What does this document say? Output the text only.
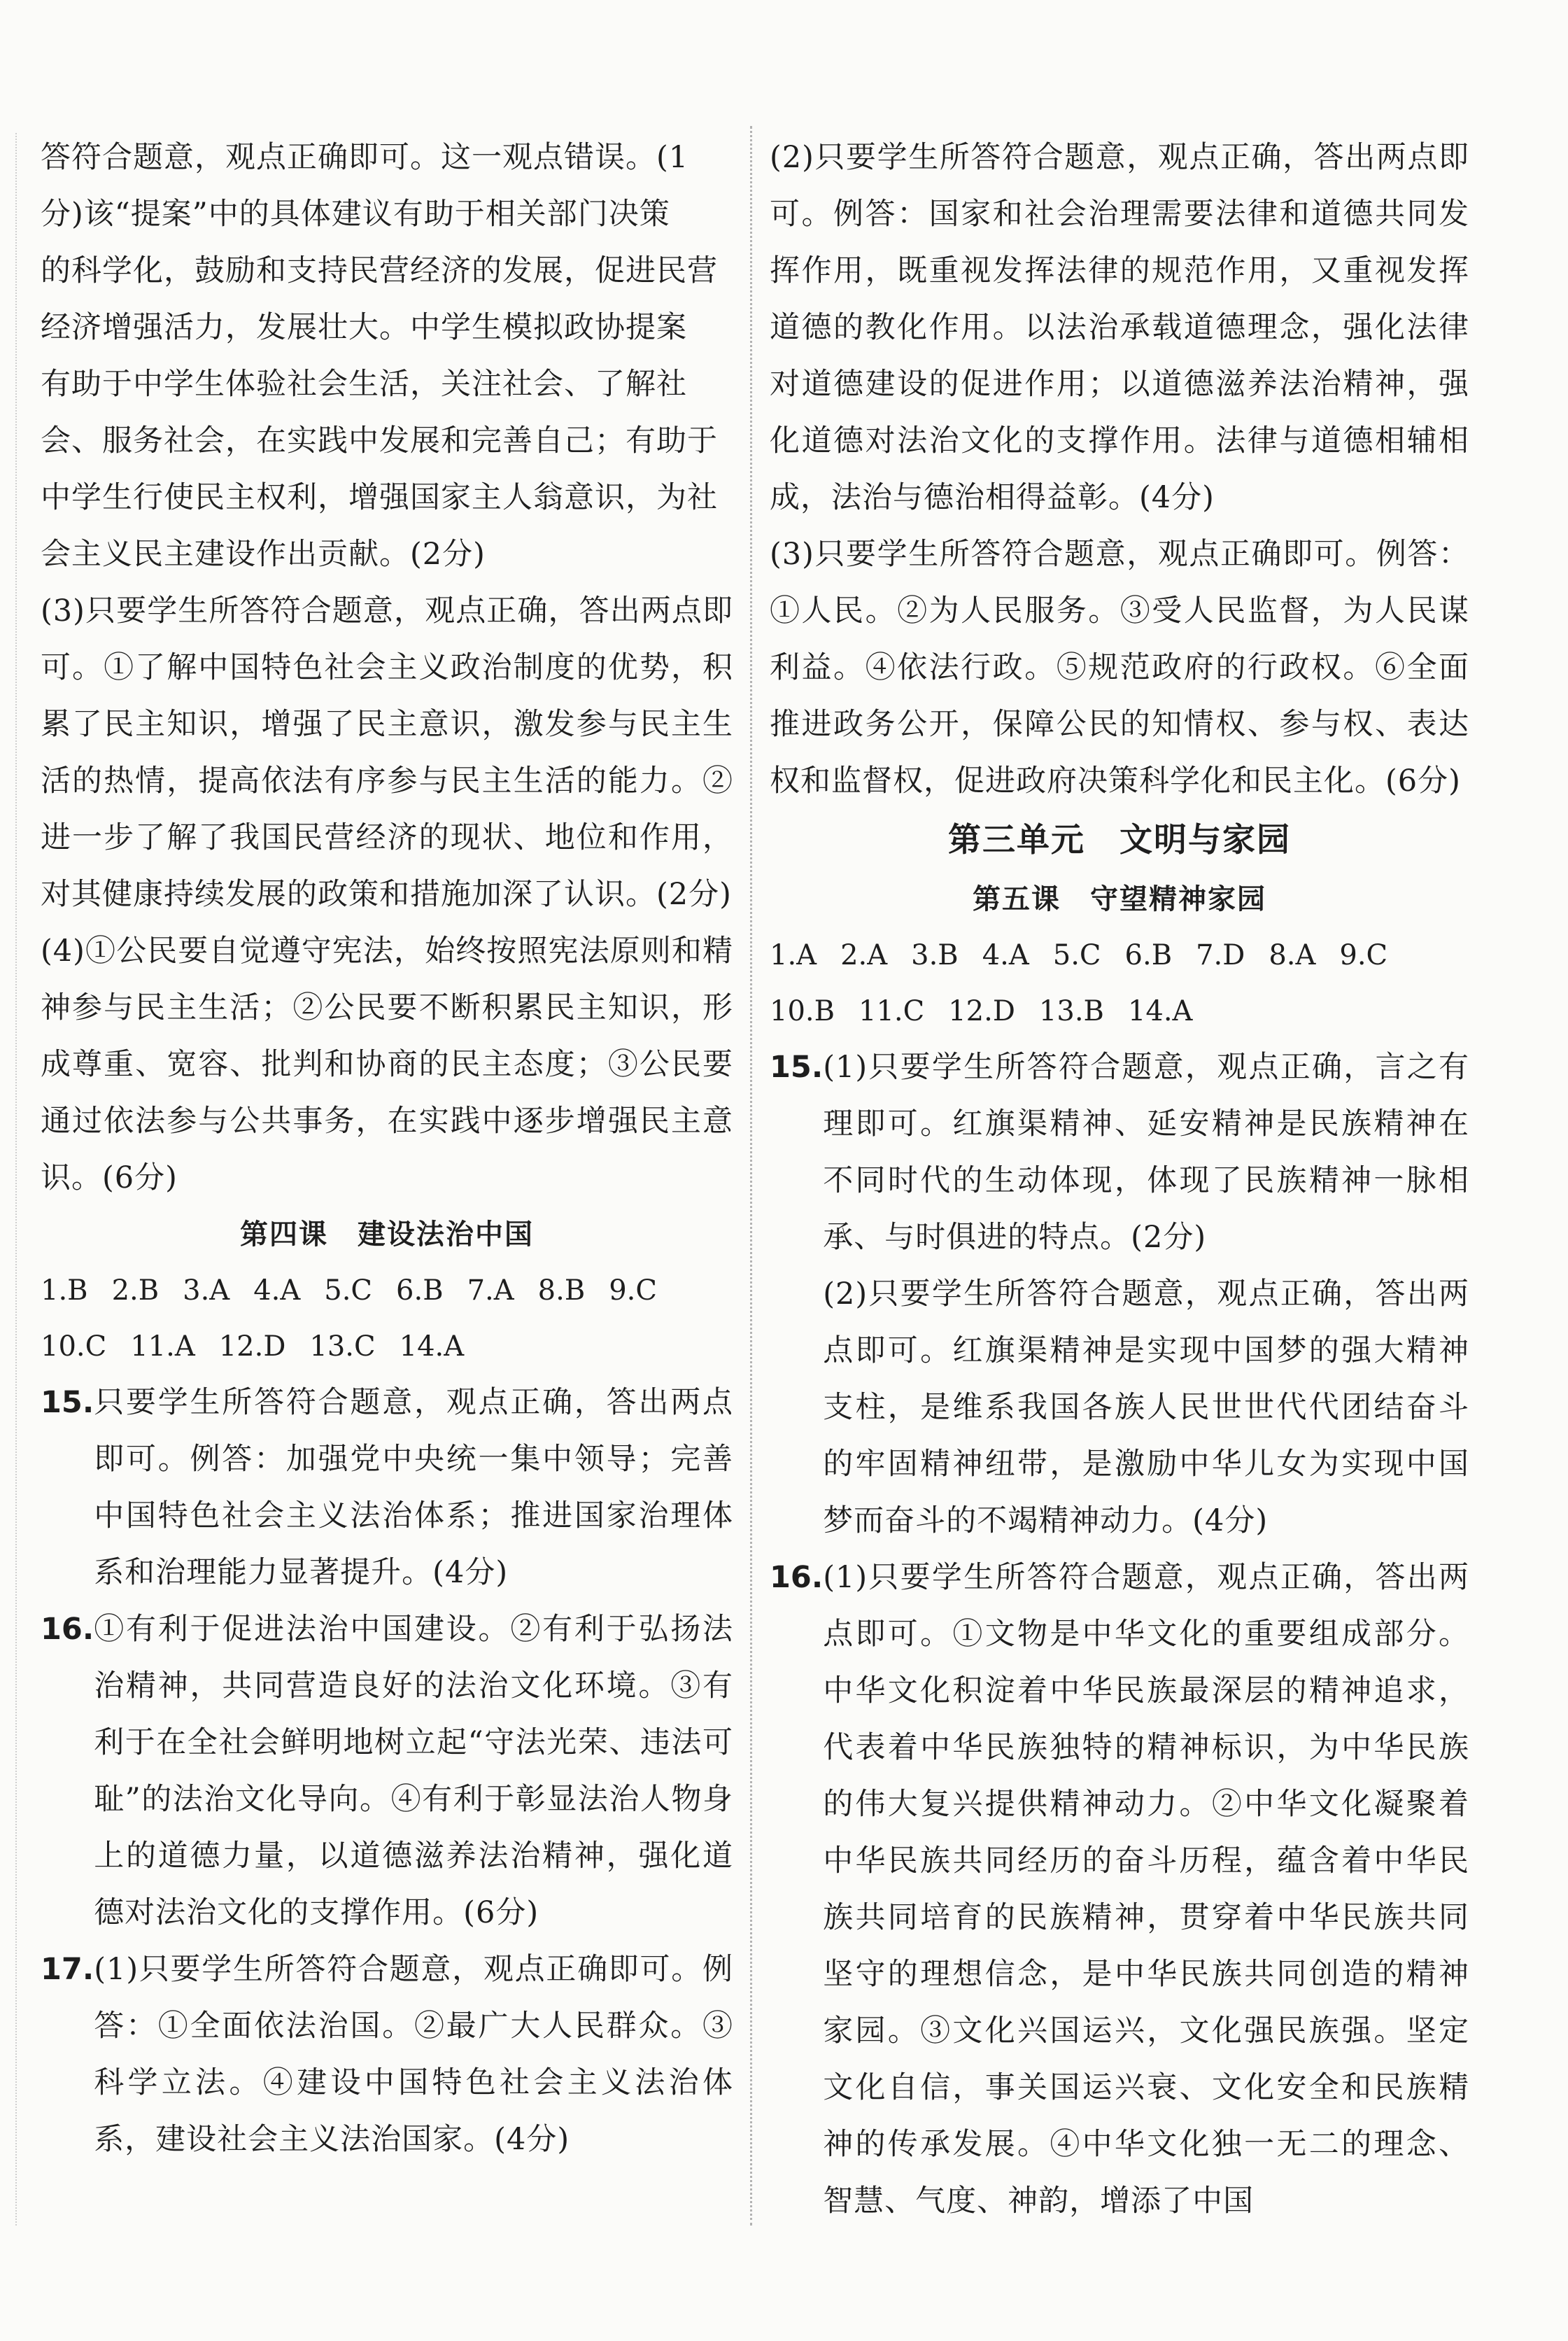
答符合题意，观点正确即可。这一观点错误。(1

分)该“提案”中的具体建议有助于相关部门决策

的科学化，鼓励和支持民营经济的发展，促进民营

经济增强活力，发展壮大。中学生模拟政协提案

有助于中学生体验社会生活，关注社会、了解社

会、服务社会，在实践中发展和完善自己；有助于

中学生行使民主权利，增强国家主人翁意识，为社

会主义民主建设作出贡献。(2分)

(3)只要学生所答符合题意，观点正确，答出两点即可。①了解中国特色社会主义政治制度的优势，积累了民主知识，增强了民主意识，激发参与民主生活的热情，提高依法有序参与民主生活的能力。②进一步了解了我国民营经济的现状、地位和作用，对其健康持续发展的政策和措施加深了认识。(2分)

(4)①公民要自觉遵守宪法，始终按照宪法原则和精神参与民主生活；②公民要不断积累民主知识，形成尊重、宽容、批判和协商的民主态度；③公民要通过依法参与公共事务，在实践中逐步增强民主意识。(6分)

第四课　建设法治中国

1.B 2.B 3.A 4.A 5.C 6.B 7.A 8.B 9.C
10.C 11.A 12.D 13.C 14.A
15. 只要学生所答符合题意，观点正确，答出两点即可。例答：加强党中央统一集中领导；完善中国特色社会主义法治体系；推进国家治理体系和治理能力显著提升。(4分)

16. ①有利于促进法治中国建设。②有利于弘扬法治精神，共同营造良好的法治文化环境。③有利于在全社会鲜明地树立起“守法光荣、违法可耻”的法治文化导向。④有利于彰显法治人物身上的道德力量，以道德滋养法治精神，强化道德对法治文化的支撑作用。(6分)

17. (1)只要学生所答符合题意，观点正确即可。例答：①全面依法治国。②最广大人民群众。③科学立法。④建设中国特色社会主义法治体系，建设社会主义法治国家。(4分)

(2)只要学生所答符合题意，观点正确，答出两点即可。例答：国家和社会治理需要法律和道德共同发挥作用，既重视发挥法律的规范作用，又重视发挥道德的教化作用。以法治承载道德理念，强化法律对道德建设的促进作用；以道德滋养法治精神，强化道德对法治文化的支撑作用。法律与道德相辅相成，法治与德治相得益彰。(4分)

(3)只要学生所答符合题意，观点正确即可。例答：①人民。②为人民服务。③受人民监督，为人民谋利益。④依法行政。⑤规范政府的行政权。⑥全面推进政务公开，保障公民的知情权、参与权、表达权和监督权，促进政府决策科学化和民主化。(6分)

第三单元　文明与家园

第五课　守望精神家园

1.A 2.A 3.B 4.A 5.C 6.B 7.D 8.A 9.C
10.B 11.C 12.D 13.B 14.A
15. (1)只要学生所答符合题意，观点正确，言之有理即可。红旗渠精神、延安精神是民族精神在不同时代的生动体现，体现了民族精神一脉相承、与时俱进的特点。(2分)

(2)只要学生所答符合题意，观点正确，答出两点即可。红旗渠精神是实现中国梦的强大精神支柱，是维系我国各族人民世世代代团结奋斗的牢固精神纽带，是激励中华儿女为实现中国梦而奋斗的不竭精神动力。(4分)

16. (1)只要学生所答符合题意，观点正确，答出两点即可。①文物是中华文化的重要组成部分。中华文化积淀着中华民族最深层的精神追求，代表着中华民族独特的精神标识，为中华民族的伟大复兴提供精神动力。②中华文化凝聚着中华民族共同经历的奋斗历程，蕴含着中华民族共同培育的民族精神，贯穿着中华民族共同坚守的理想信念，是中华民族共同创造的精神家园。③文化兴国运兴，文化强民族强。坚定文化自信，事关国运兴衰、文化安全和民族精神的传承发展。④中华文化独一无二的理念、智慧、气度、神韵，增添了中国
